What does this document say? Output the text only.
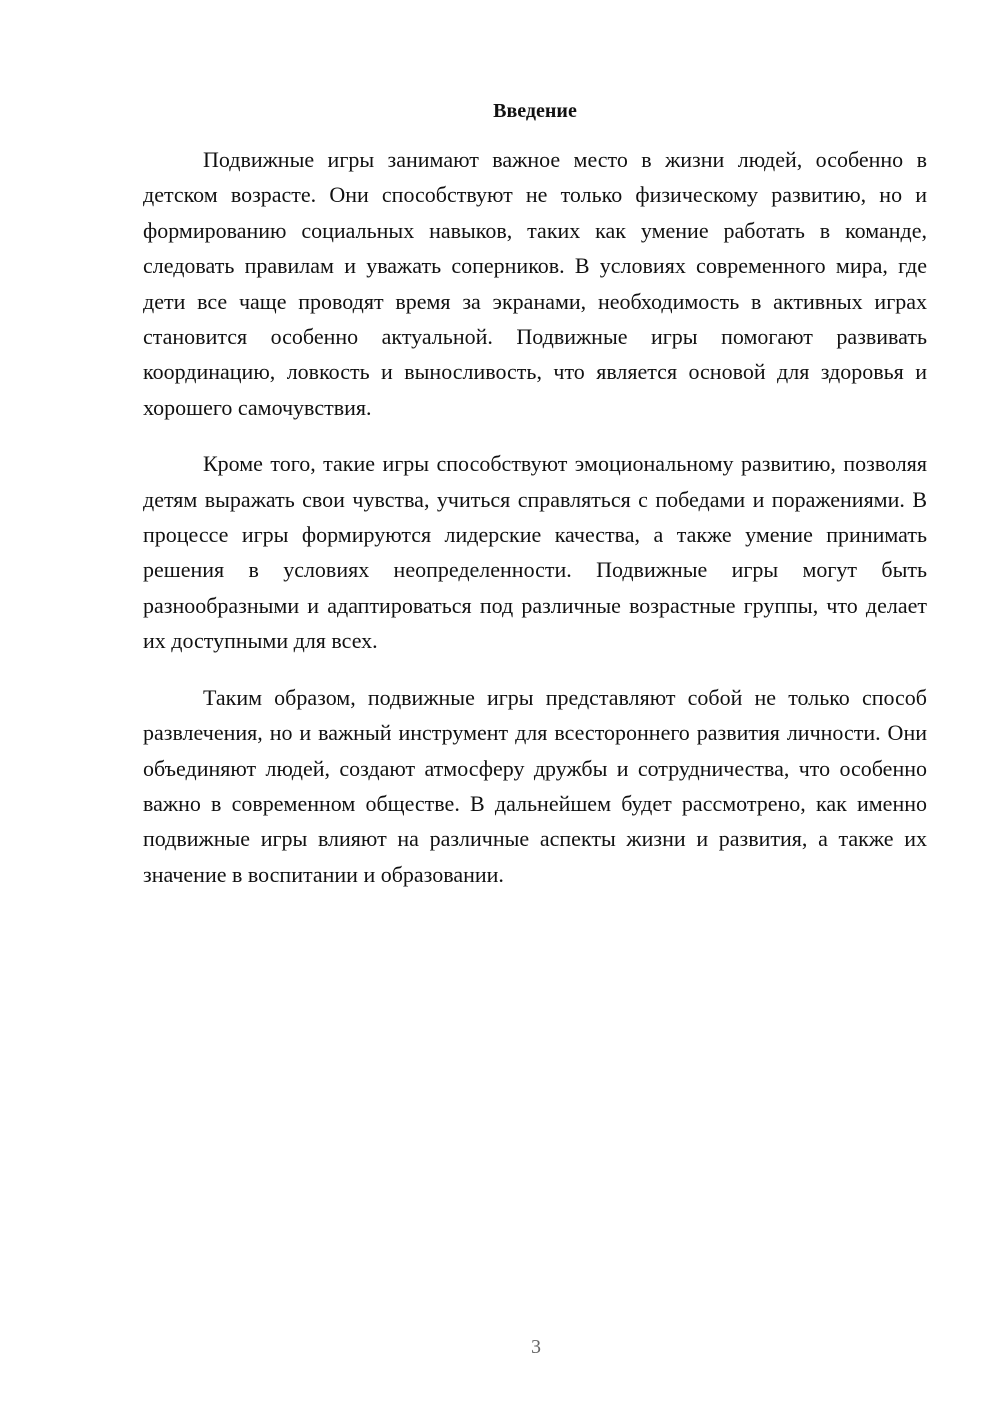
Введение

Подвижные игры занимают важное место в жизни людей, особенно в детском возрасте. Они способствуют не только физическому развитию, но и формированию социальных навыков, таких как умение работать в команде, следовать правилам и уважать соперников. В условиях современного мира, где дети все чаще проводят время за экранами, необходимость в активных играх становится особенно актуальной. Подвижные игры помогают развивать координацию, ловкость и выносливость, что является основой для здоровья и хорошего самочувствия.

Кроме того, такие игры способствуют эмоциональному развитию, позволяя детям выражать свои чувства, учиться справляться с победами и поражениями. В процессе игры формируются лидерские качества, а также умение принимать решения в условиях неопределенности. Подвижные игры могут быть разнообразными и адаптироваться под различные возрастные группы, что делает их доступными для всех.

Таким образом, подвижные игры представляют собой не только способ развлечения, но и важный инструмент для всестороннего развития личности. Они объединяют людей, создают атмосферу дружбы и сотрудничества, что особенно важно в современном обществе. В дальнейшем будет рассмотрено, как именно подвижные игры влияют на различные аспекты жизни и развития, а также их значение в воспитании и образовании.

3
